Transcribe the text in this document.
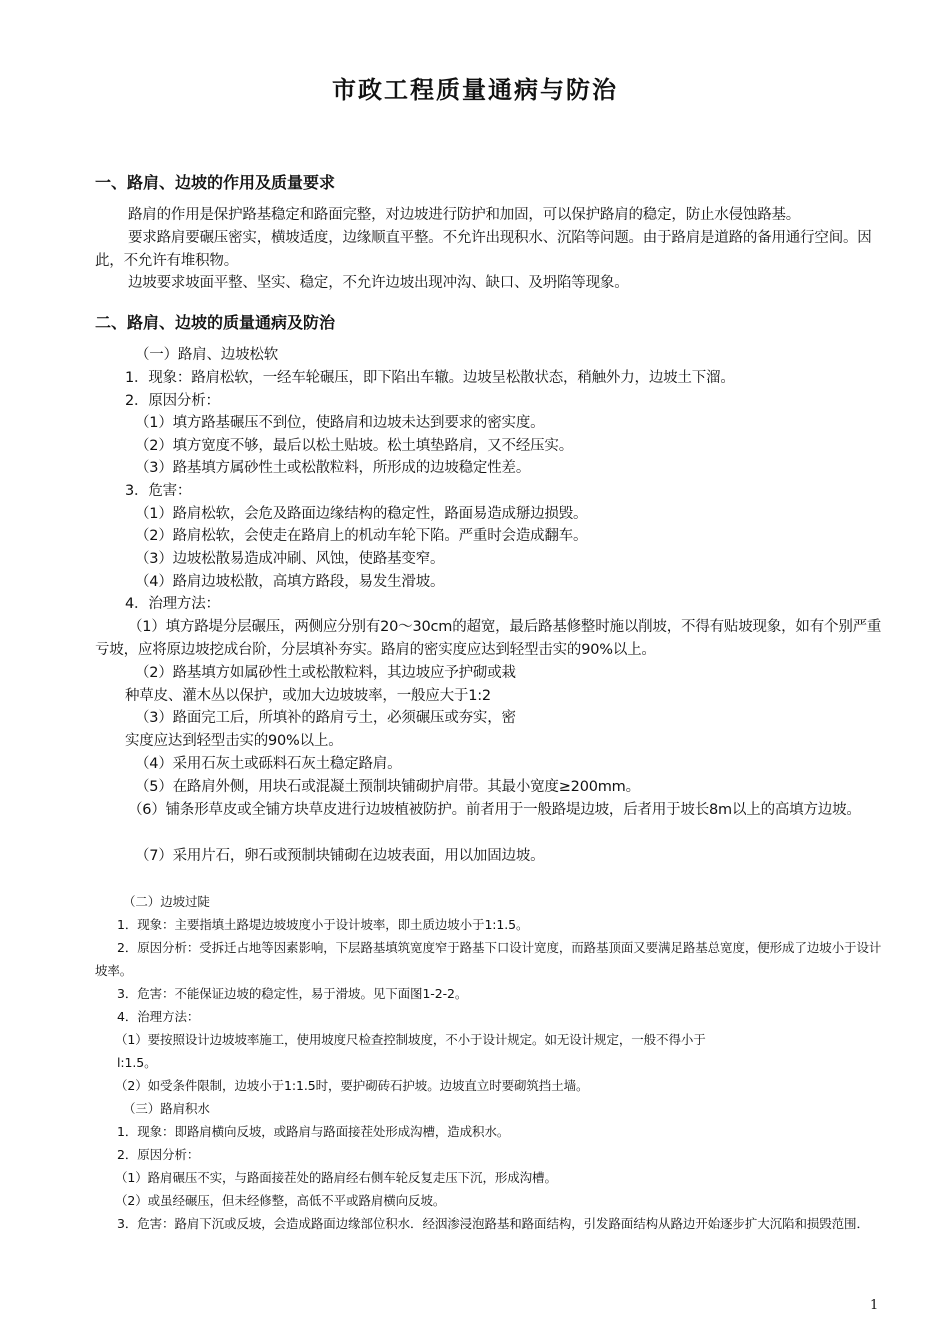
市政工程质量通病与防治
一、路肩、边坡的作用及质量要求

路肩的作用是保护路基稳定和路面完整，对边坡进行防护和加固，可以保护路肩的稳定，防止水侵蚀路基。

要求路肩要碾压密实，横坡适度，边缘顺直平整。不允许出现积水、沉陷等问题。由于路肩是道路的备用通行空间。因此，不允许有堆积物。

边坡要求坡面平整、坚实、稳定，不允许边坡出现冲沟、缺口、及坍陷等现象。

二、路肩、边坡的质量通病及防治

（一）路肩、边坡松软

1．现象：路肩松软，一经车轮碾压，即下陷出车辙。边坡呈松散状态，稍触外力，边坡土下溜。

2．原因分析：

（1）填方路基碾压不到位，使路肩和边坡未达到要求的密实度。

（2）填方宽度不够，最后以松土贴坡。松土填垫路肩，又不经压实。

（3）路基填方属砂性土或松散粒料，所形成的边坡稳定性差。

3．危害：

（1）路肩松软，会危及路面边缘结构的稳定性，路面易造成掰边损毁。

（2）路肩松软，会使走在路肩上的机动车轮下陷。严重时会造成翻车。

（3）边坡松散易造成冲刷、风蚀，使路基变窄。

（4）路肩边坡松散，高填方路段，易发生滑坡。

4．治理方法：

（1）填方路堤分层碾压，两侧应分别有20～30cm的超宽，最后路基修整时施以削坡，不得有贴坡现象，如有个别严重亏坡，应将原边坡挖成台阶，分层填补夯实。路肩的密实度应达到轻型击实的90%以上。

（2）路基填方如属砂性土或松散粒料，其边坡应予护砌或栽

种草皮、灌木丛以保护，或加大边坡坡率，一般应大于1:2

（3）路面完工后，所填补的路肩亏土，必须碾压或夯实，密

实度应达到轻型击实的90%以上。

（4）采用石灰土或砾料石灰土稳定路肩。

（5）在路肩外侧，用块石或混凝土预制块铺砌护肩带。其最小宽度≥200mm。

（6）铺条形草皮或全铺方块草皮进行边坡植被防护。前者用于一般路堤边坡，后者用于坡长8m以上的高填方边坡。

（7）采用片石，卵石或预制块铺砌在边坡表面，用以加固边坡。

（二）边坡过陡

1．现象：主要指填土路堤边坡坡度小于设计坡率，即土质边坡小于1:1.5。

2．原因分析：受拆迁占地等因素影响，下层路基填筑宽度窄于路基下口设计宽度，而路基顶面又要满足路基总宽度，便形成了边坡小于设计坡率。

3．危害：不能保证边坡的稳定性，易于滑坡。见下面图1-2-2。

4．治理方法：

（1）要按照设计边坡坡率施工，使用坡度尺检查控制坡度，不小于设计规定。如无设计规定，一般不得小于

l:1.5。

（2）如受条件限制，边坡小于1:1.5时，要护砌砖石护坡。边坡直立时要砌筑挡土墙。

（三）路肩积水

1．现象：即路肩横向反坡，或路肩与路面接茬处形成沟槽，造成积水。

2．原因分析：

（1）路肩碾压不实，与路面接茬处的路肩经右侧车轮反复走压下沉，形成沟槽。

（2）或虽经碾压，但未经修整，高低不平或路肩横向反坡。

3．危害：路肩下沉或反坡，会造成路面边缘部位积水．经洇渗浸泡路基和路面结构，引发路面结构从路边开始逐步扩大沉陷和损毁范围．

1
